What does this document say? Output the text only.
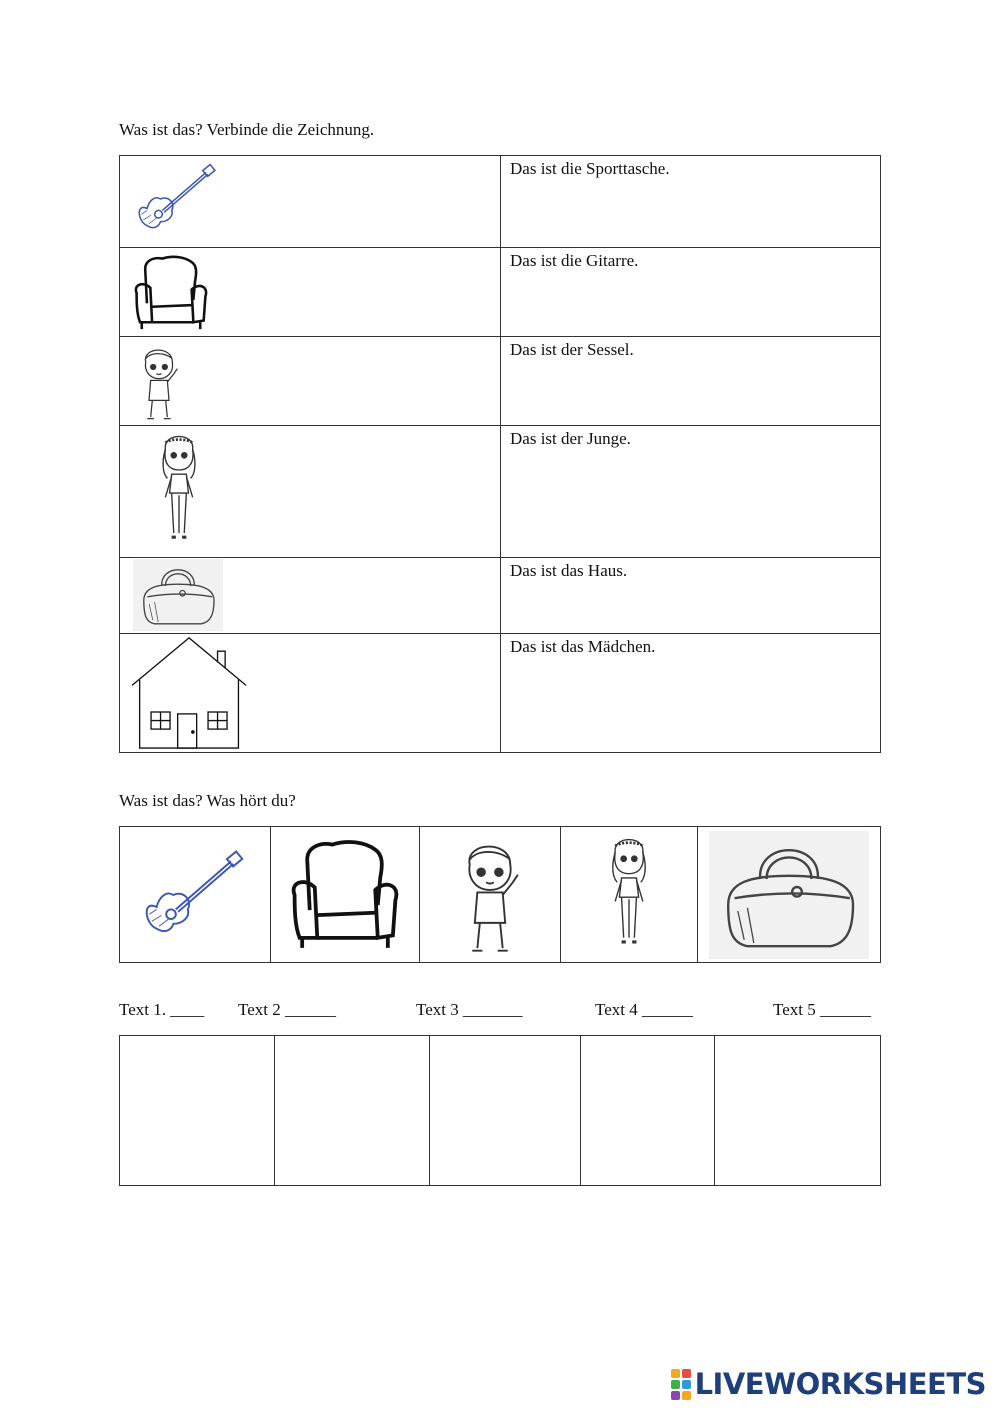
Was ist das? Verbinde die Zeichnung.
	Das ist die Sporttasche.

	Das ist die Gitarre.

	Das ist der Sessel.

	Das ist der Junge.

	Das ist das Haus.

	Das ist das Mädchen.
Was ist das? Was hört du?

Text 1. ____ Text 2 ______	Text 3 _______	Text 4 ______	Text 5 ______

LIVEWORKSHEETS
